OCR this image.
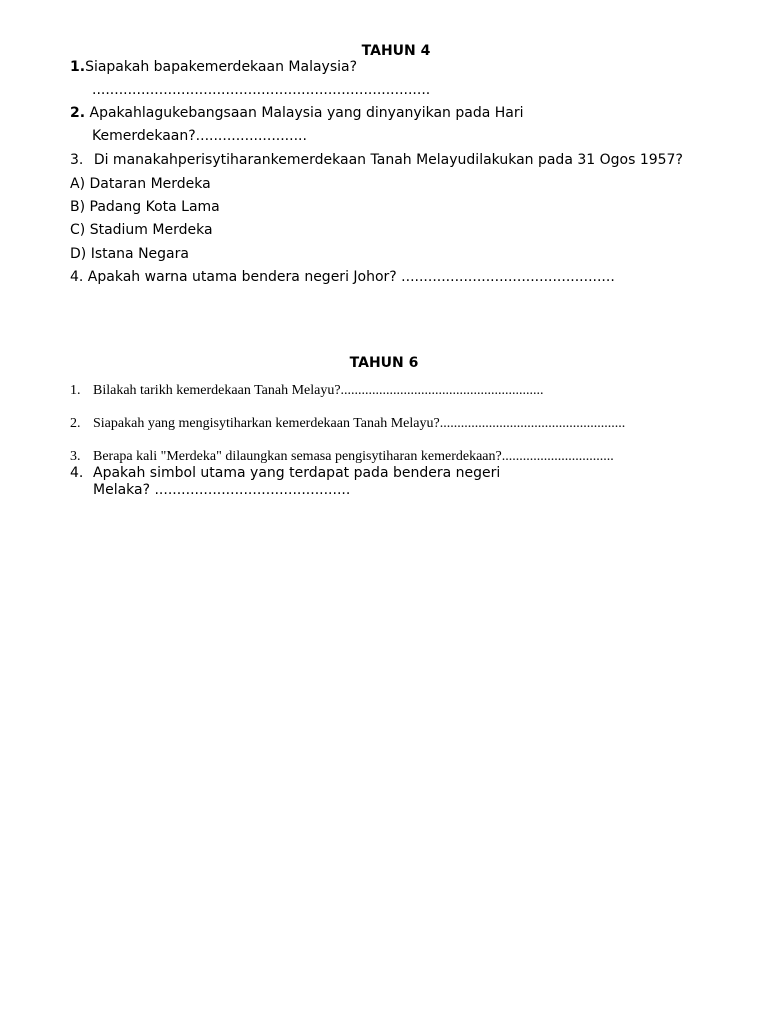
TAHUN 4
1.Siapakah bapakemerdekaan Malaysia?
............................................................................
2. Apakahlagukebangsaan Malaysia yang dinyanyikan pada Hari
Kemerdekaan?.........................
3. Di manakahperisytiharankemerdekaan Tanah Melayudilakukan pada 31 Ogos 1957?
A) Dataran Merdeka
B) Padang Kota Lama
C) Stadium Merdeka
D) Istana Negara
4. Apakah warna utama bendera negeri Johor? ................................................
TAHUN 6
1. Bilakah tarikh kemerdekaan Tanah Melayu?..........................................................
2. Siapakah yang mengisytiharkan kemerdekaan Tanah Melayu?.....................................................
3. Berapa kali "Merdeka" dilaungkan semasa pengisytiharan kemerdekaan?................................
4. Apakah simbol utama yang terdapat pada bendera negeri
Melaka? ............................................
